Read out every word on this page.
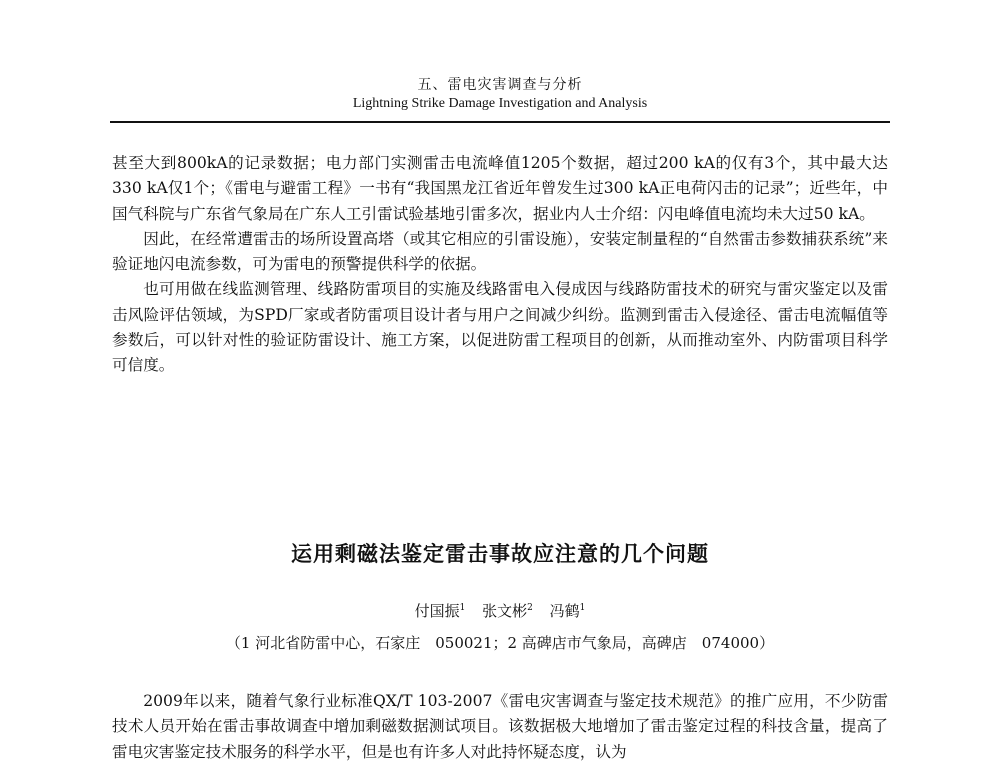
五、雷电灾害调查与分析
Lightning Strike Damage Investigation and Analysis

甚至大到800kA的记录数据；电力部门实测雷击电流峰值1205个数据，超过200 kA的仅有3个，其中最大达330 kA仅1个；《雷电与避雷工程》一书有“我国黑龙江省近年曾发生过300 kA正电荷闪击的记录”；近些年，中国气科院与广东省气象局在广东人工引雷试验基地引雷多次，据业内人士介绍：闪电峰值电流均未大过50 kA。

因此，在经常遭雷击的场所设置高塔（或其它相应的引雷设施），安装定制量程的“自然雷击参数捕获系统”来验证地闪电流参数，可为雷电的预警提供科学的依据。

也可用做在线监测管理、线路防雷项目的实施及线路雷电入侵成因与线路防雷技术的研究与雷灾鉴定以及雷击风险评估领域，为SPD厂家或者防雷项目设计者与用户之间减少纠纷。监测到雷击入侵途径、雷击电流幅值等参数后，可以针对性的验证防雷设计、施工方案，以促进防雷工程项目的创新，从而推动室外、内防雷项目科学可信度。

运用剩磁法鉴定雷击事故应注意的几个问题
付国振$^1$ 张文彬$^2$ 冯鹤$^1$
（1 河北省防雷中心，石家庄　050021；2 高碑店市气象局，高碑店　074000）

2009年以来，随着气象行业标准QX/T 103-2007《雷电灾害调查与鉴定技术规范》的推广应用，不少防雷技术人员开始在雷击事故调查中增加剩磁数据测试项目。该数据极大地增加了雷击鉴定过程的科技含量，提高了雷电灾害鉴定技术服务的科学水平，但是也有许多人对此持怀疑态度，认为
